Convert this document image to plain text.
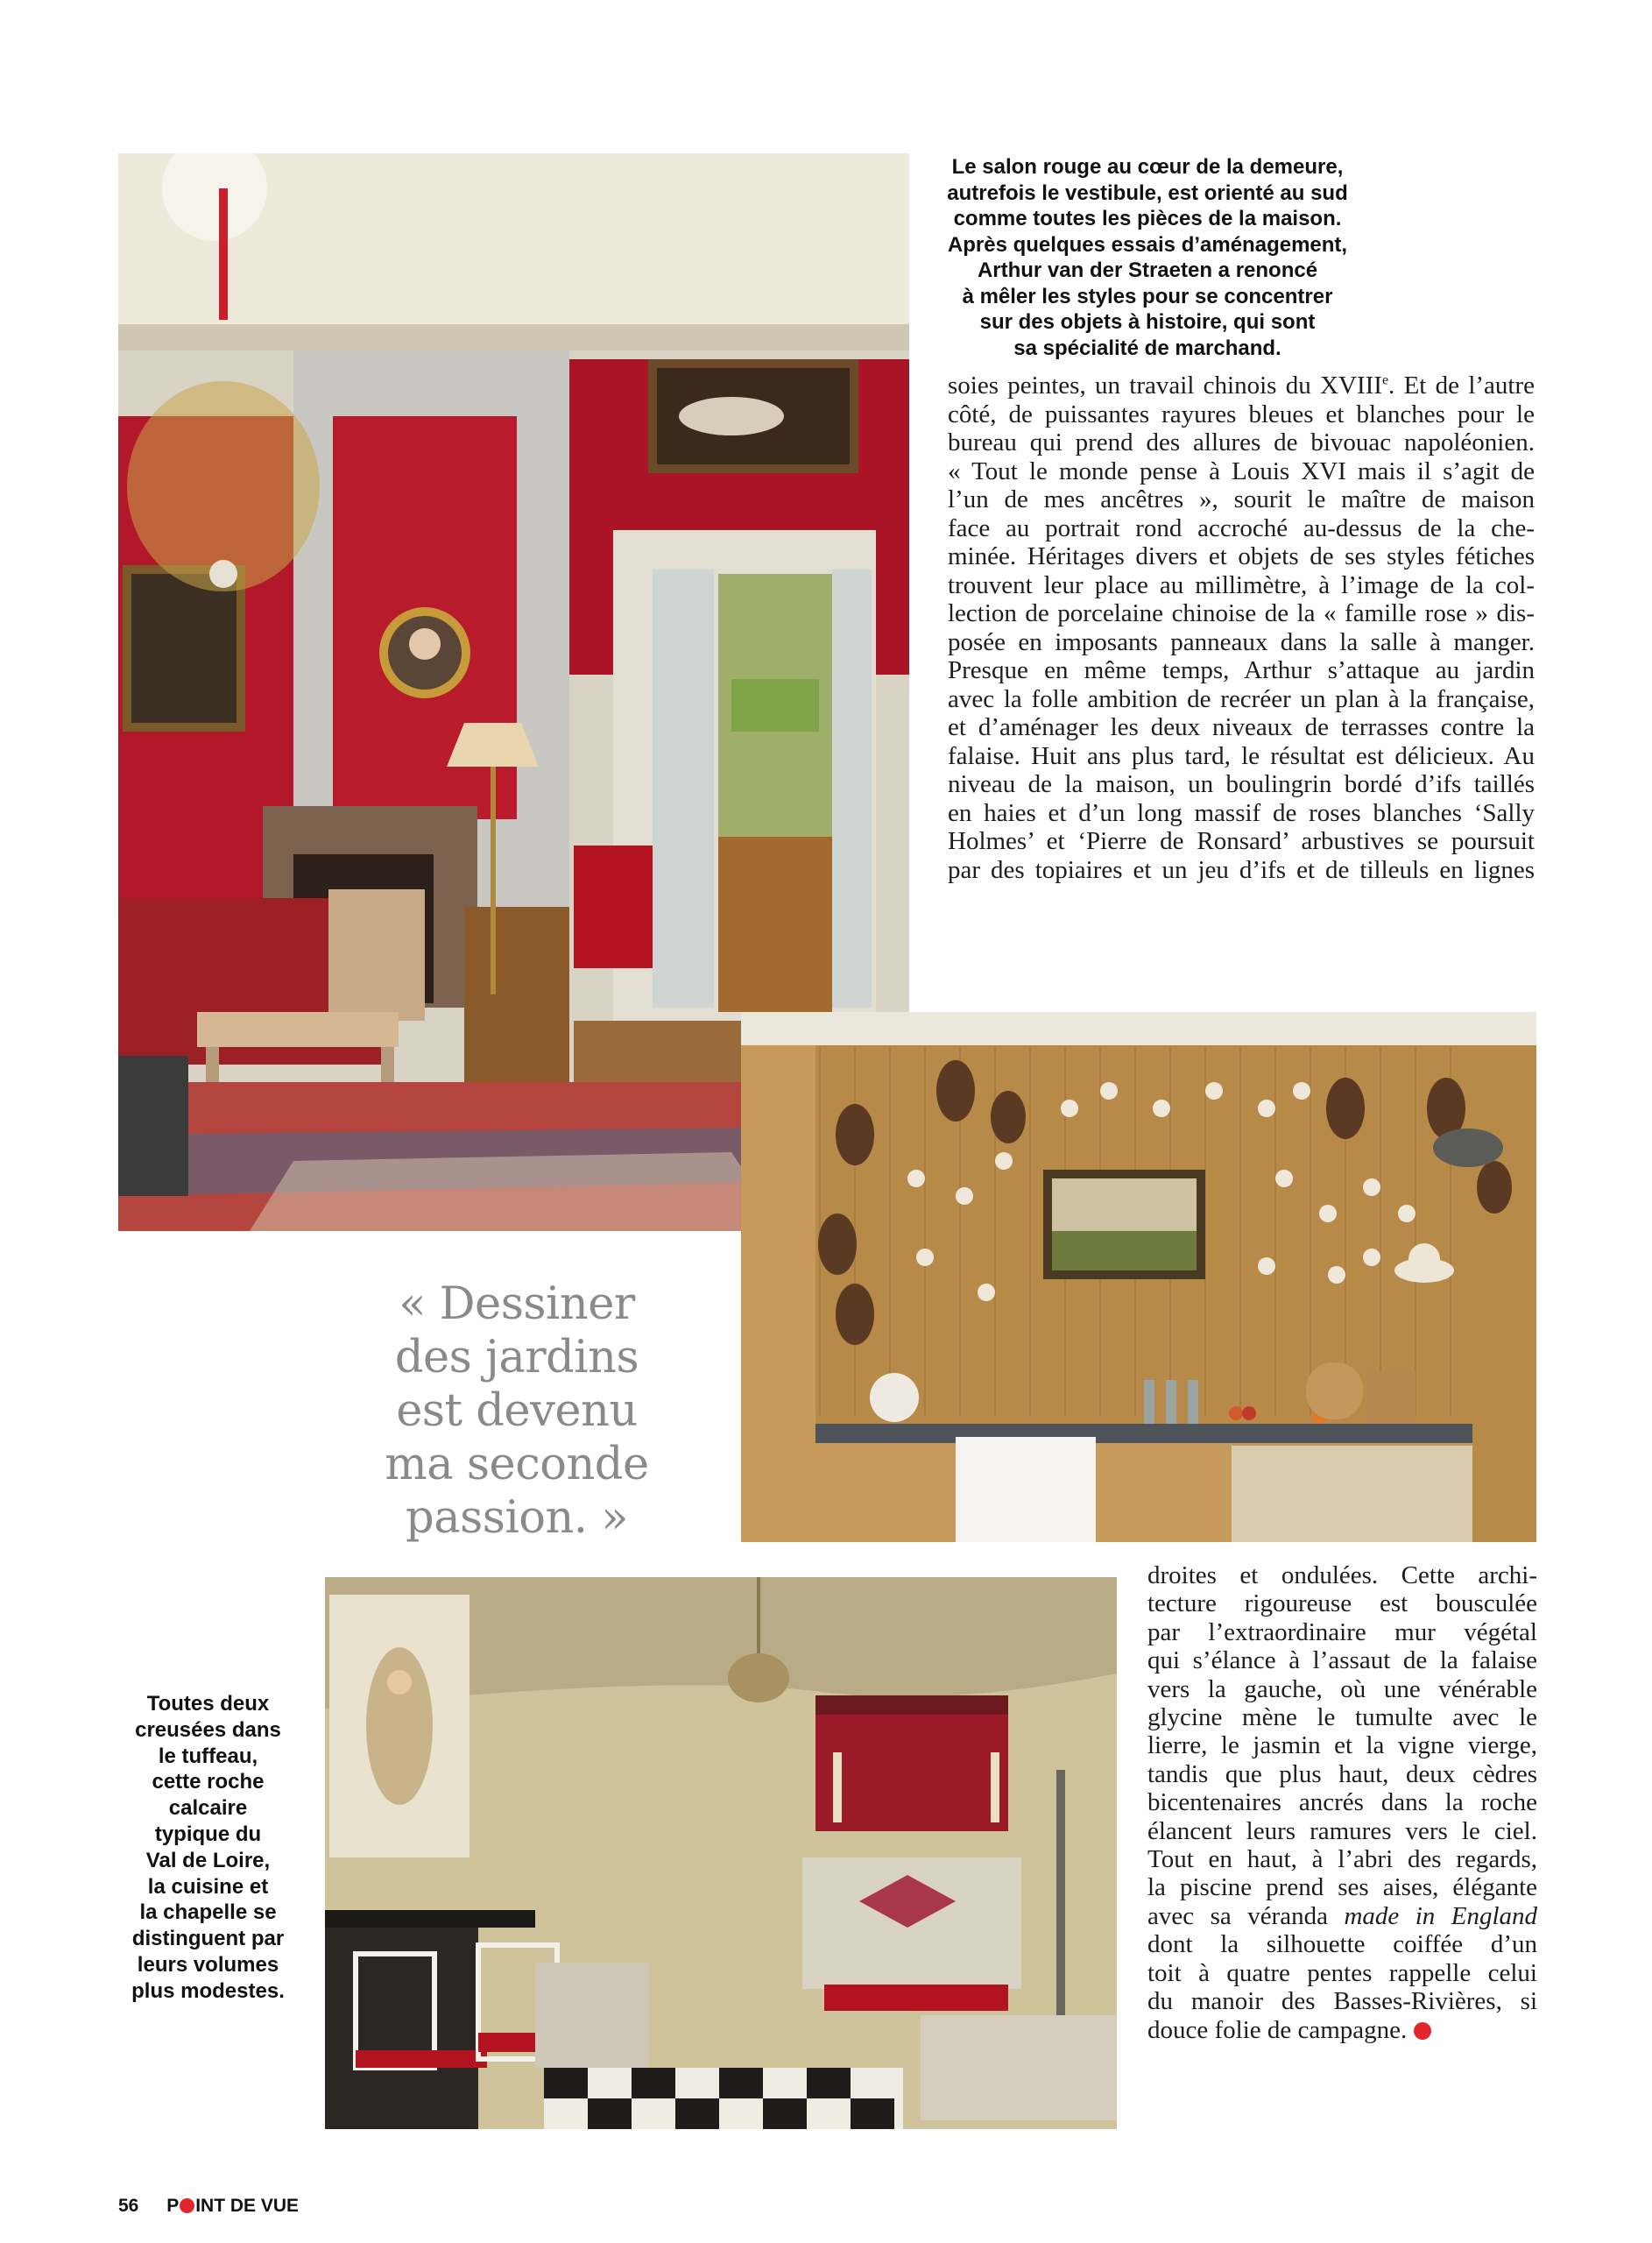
Le salon rouge au cœur de la demeure,
autrefois le vestibule, est orienté au sud
comme toutes les pièces de la maison.
Après quelques essais d’aménagement,
Arthur van der Straeten a renoncé
à mêler les styles pour se concentrer
sur des objets à histoire, qui sont
sa spécialité de marchand.
soies peintes, un travail chinois du XVIIIe. Et de l’autre
côté, de puissantes rayures bleues et blanches pour le
bureau qui prend des allures de bivouac napoléonien.
« Tout le monde pense à Louis XVI mais il s’agit de
l’un de mes ancêtres », sourit le maître de maison
face au portrait rond accroché au-dessus de la che-
minée. Héritages divers et objets de ses styles fétiches
trouvent leur place au millimètre, à l’image de la col-
lection de porcelaine chinoise de la « famille rose » dis-
posée en imposants panneaux dans la salle à manger.
Presque en même temps, Arthur s’attaque au jardin
avec la folle ambition de recréer un plan à la française,
et d’aménager les deux niveaux de terrasses contre la
falaise. Huit ans plus tard, le résultat est délicieux. Au
niveau de la maison, un boulingrin bordé d’ifs taillés
en haies et d’un long massif de roses blanches ‘Sally
Holmes’ et ‘Pierre de Ronsard’ arbustives se poursuit
par des topiaires et un jeu d’ifs et de tilleuls en lignes
« Dessiner
des jardins
est devenu
ma seconde
passion. »
Toutes deux
creusées dans
le tuffeau,
cette roche
calcaire
typique du
Val de Loire,
la cuisine et
la chapelle se
distinguent par
leurs volumes
plus modestes.
droites et ondulées. Cette archi-
tecture rigoureuse est bousculée
par l’extraordinaire mur végétal
qui s’élance à l’assaut de la falaise
vers la gauche, où une vénérable
glycine mène le tumulte avec le
lierre, le jasmin et la vigne vierge,
tandis que plus haut, deux cèdres
bicentenaires ancrés dans la roche
élancent leurs ramures vers le ciel.
Tout en haut, à l’abri des regards,
la piscine prend ses aises, élégante
avec sa véranda made in England
dont la silhouette coiffée d’un
toit à quatre pentes rappelle celui
du manoir des Basses-Rivières, si
douce folie de campagne.
56 P INT DE VUE
